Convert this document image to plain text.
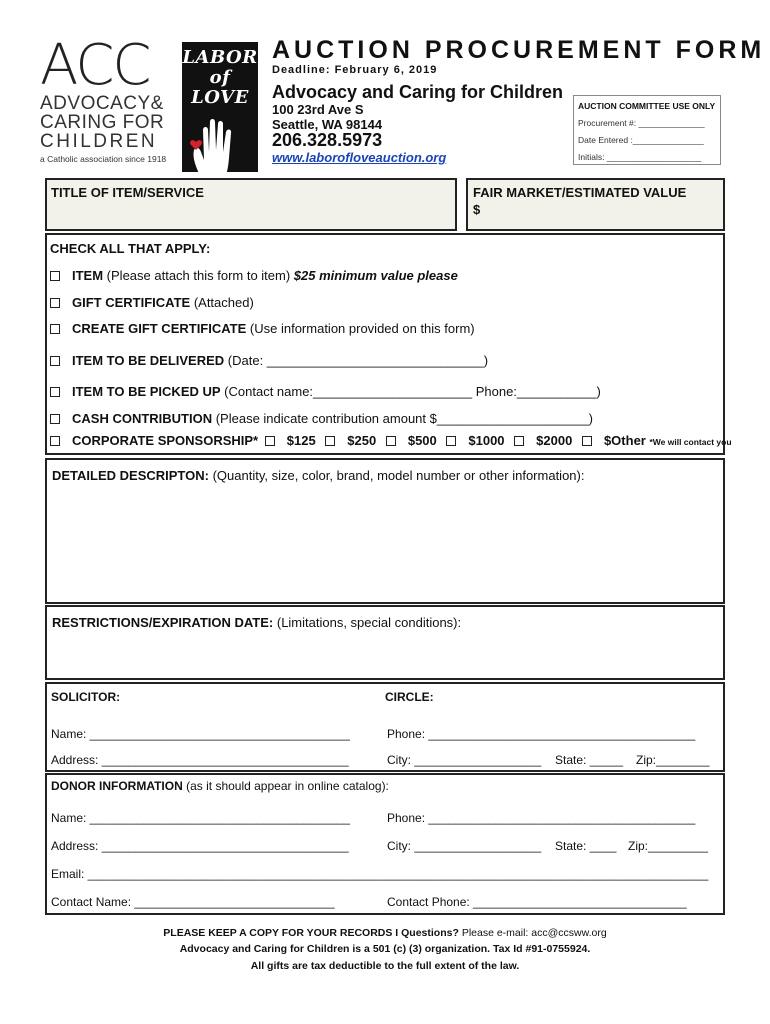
ACC
ADVOCACY&
CARING FOR
CHILDREN
a Catholic association since 1918
LABOR
of LOVE
AUCTION PROCUREMENT FORM
Deadline: February 6, 2019
Advocacy and Caring for Children
100 23rd Ave S
Seattle, WA 98144
206.328.5973
www.laborofloveauction.org
AUCTION COMMITTEE USE ONLY
Procurement #: ______________
Date Entered :_______________
Initials: ____________________
TITLE OF ITEM/SERVICE	FAIR MARKET/ESTIMATED VALUE
$
CHECK ALL THAT APPLY:
ITEM (Please attach this form to item) $25 minimum value please
GIFT CERTIFICATE (Attached)
CREATE GIFT CERTIFICATE (Use information provided on this form)
ITEM TO BE DELIVERED (Date: ______________________________)
ITEM TO BE PICKED UP (Contact name:______________________ Phone:___________)
CASH CONTRIBUTION (Please indicate contribution amount $_____________________)
CORPORATE SPONSORSHIP* $125 $250 $500 $1000 $2000 $Other *We will contact you
DETAILED DESCRIPTON: (Quantity, size, color, brand, model number or other information):
RESTRICTIONS/EXPIRATION DATE: (Limitations, special conditions):
SOLICITOR:	CIRCLE:
Name: _______________________________________	Phone: ________________________________________
Address: _____________________________________	City: ___________________ State: _____ Zip:________
DONOR INFORMATION (as it should appear in online catalog):
Name: _______________________________________	Phone: ________________________________________
Address: _____________________________________	City: ___________________ State: ____ Zip:_________
Email: _____________________________________________________________________________________________
Contact Name: ______________________________	Contact Phone: ________________________________
PLEASE KEEP A COPY FOR YOUR RECORDS I Questions? Please e-mail: acc@ccsww.org
Advocacy and Caring for Children is a 501 (c) (3) organization. Tax Id #91-0755924.
All gifts are tax deductible to the full extent of the law.
